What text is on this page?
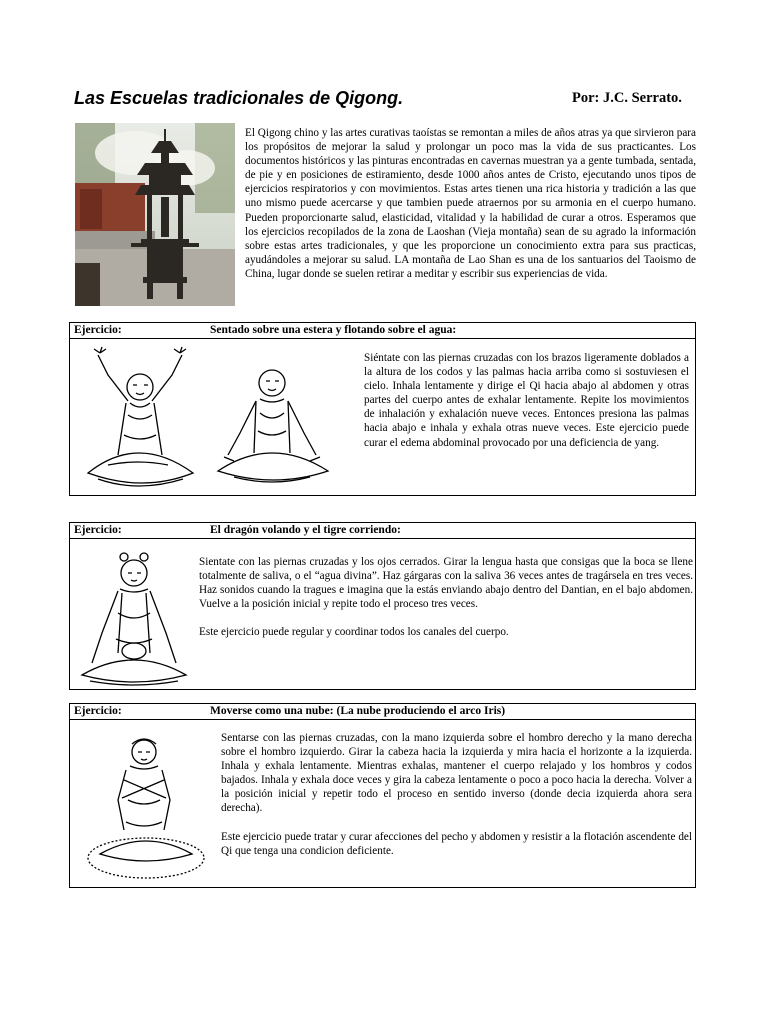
Las Escuelas tradicionales de Qigong.	Por: J.C. Serrato.

El Qigong chino y las artes curativas taoístas se remontan a miles de años atras ya que sirvieron para los propósitos de mejorar la salud y prolongar un poco mas la vida de sus practicantes. Los documentos históricos y las pinturas encontradas en cavernas muestran ya a gente tumbada, sentada, de pie y en posiciones de estiramiento, desde 1000 años antes de Cristo, ejecutando unos tipos de ejercicios respiratorios y con movimientos. Estas artes tienen una rica historia y tradición a las que uno mismo puede acercarse y que tambien puede atraernos por su armonia en el cuerpo humano. Pueden proporcionarte salud, elasticidad, vitalidad y la habilidad de curar a otros. Esperamos que los ejercicios recopilados de la zona de Laoshan (Vieja montaña) sean de su agrado la información sobre estas artes tradicionales, y que les proporcione un conocimiento extra para sus practicas, ayudándoles a mejorar su salud. LA montaña de Lao Shan es una de los santuarios del Taoismo de China, lugar donde se suelen retirar a meditar y escribir sus experiencias de vida.

Ejercicio:	Sentado sobre una estera y flotando sobre el agua:

Siéntate con las piernas cruzadas con los brazos ligeramente doblados a la altura de los codos y las palmas hacia arriba como si sostuviesen el cielo. Inhala lentamente y dirige el Qi hacia abajo al abdomen y otras partes del cuerpo antes de exhalar lentamente. Repite los movimientos de inhalación y exhalación nueve veces. Entonces presiona las palmas hacia abajo e inhala y exhala otras nueve veces. Este ejercicio puede curar el edema abdominal provocado por una deficiencia de yang.

Ejercicio:	El dragón volando y el tigre corriendo:

Sientate con las piernas cruzadas y los ojos cerrados. Girar la lengua hasta que consigas que la boca se llene totalmente de saliva, o el “agua divina”. Haz gárgaras con la saliva 36 veces antes de tragársela en tres veces. Haz sonidos cuando la tragues e imagina que la estás enviando abajo dentro del Dantian, en el bajo abdomen. Vuelve a la posición inicial y repite todo el proceso tres veces.

Este ejercicio puede regular y coordinar todos los canales del cuerpo.

Ejercicio:	Moverse como una nube: (La nube produciendo el arco Iris)

Sentarse con las piernas cruzadas, con la mano izquierda sobre el hombro derecho y la mano derecha sobre el hombro izquierdo. Girar la cabeza hacia la izquierda y mira hacia el horizonte a la izquierda. Inhala y exhala lentamente. Mientras exhalas, mantener el cuerpo relajado y los hombros y codos bajados. Inhala y exhala doce veces y gira la cabeza lentamente o poco a poco hacia la derecha. Volver a la posición inicial y repetir todo el proceso en sentido inverso (donde decia izquierda ahora sera derecha).

Este ejercicio puede tratar y curar afecciones del pecho y abdomen y resistir a la flotación ascendente del Qi que tenga una condicion deficiente.
